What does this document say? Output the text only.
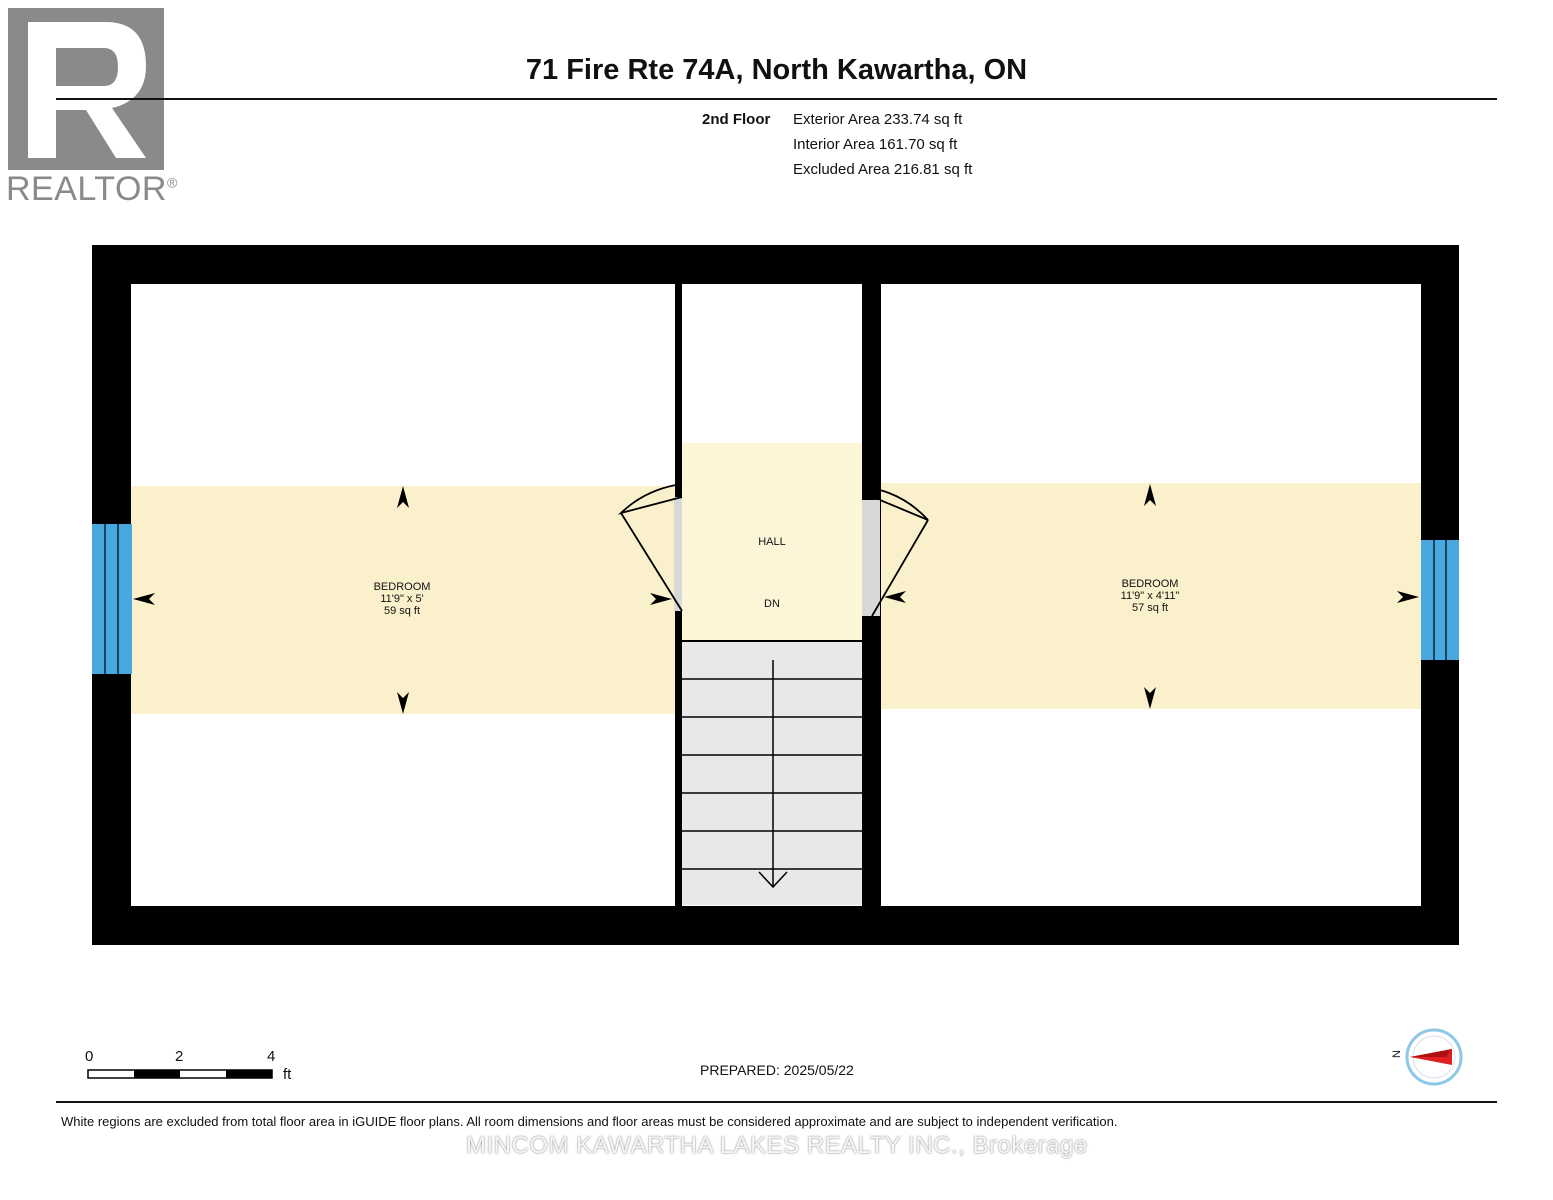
REALTOR®
71 Fire Rte 74A, North Kawartha, ON
2nd Floor Exterior Area 233.74 sq ft
Interior Area 161.70 sq ft
Excluded Area 216.81 sq ft
BEDROOM
11'9" x 5'
59 sq ft
HALL
DN
BEDROOM
11'9" x 4'11"
57 sq ft
0	2	4
ft
N
PREPARED: 2025/05/22
White regions are excluded from total floor area in iGUIDE floor plans. All room dimensions and floor areas must be considered approximate and are subject to independent verification.
MINCOM KAWARTHA LAKES REALTY INC., Brokerage
